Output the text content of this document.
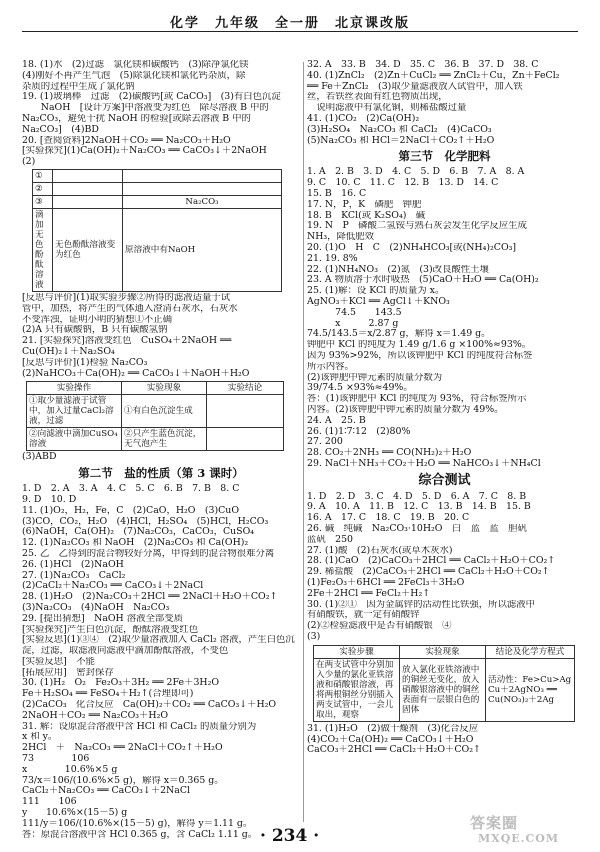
化学　九年级　全一册　北京课改版
18. (1)水　(2)过滤　氯化镁和碳酸钙　(3)除净氯化镁
(4)刚好不再产生气泡　(5)除氯化镁和氯化钙杂质，除
杂质的过程中生成了氯化钠
19. (1)玻璃棒　过滤　(2)碳酸钙[或 CaCO₃]　(3)有白色沉淀
　　NaOH　[设计方案]中溶液变为红色　除尽溶液 B 中的
Na₂CO₃，避免干扰 NaOH 的检验[或除去溶液 B 中的
Na₂CO₃]　(4)BD
20. [查阅资料]2NaOH＋CO₂ ══ Na₂CO₃＋H₂O
[实验探究](1)Ca(OH)₂＋Na₂CO₃ ══ CaCO₃↓＋2NaOH
(2)
①		
②		
③		Na₂CO₃
滴加无色酚酞溶液	无色酚酞溶液变为红色	原溶液中有NaOH
[反思与评价](1)取实验步骤②所得的滤液适量于试
管中，加热，将产生的气体通入澄清石灰水，石灰水
不变浑浊，证明小明的猜想①不正确
(2)A 只有碳酸钠，B 只有碳酸氢钠
21. [实验探究]溶液变红色　CuSO₄＋2NaOH ══
Cu(OH)₂↓＋Na₂SO₄
[反思与评价](1)检验 Na₂CO₃
(2)NaHCO₃＋Ca(OH)₂ ══ CaCO₃↓＋NaOH＋H₂O
实验操作	实验现象	实验结论
①取少量滤液于试管中，加入过量CaCl₂溶液，过滤	①有白色沉淀生成	
②向滤液中滴加CuSO₄溶液	②只产生蓝色沉淀，无气泡产生	
(3)ABD
第二节　盐的性质（第 3 课时）
1. D　2. A　3. A　4. C　5. C　6. B　7. B　8. C
9. D　10. D
11. (1)O₂，H₂，Fe，C　(2)CaO，H₂O　(3)CuO
(3)CO，CO₂，H₂O　(4)HCl，H₂SO₄　(5)HCl，H₂CO₃
(6)NaOH，Ca(OH)₂　(7)Na₂CO₃，CaCO₃，CuSO₄
12. (1)Na₂CO₃ 和 NaOH　(2)Na₂CO₃ 和 Ca(OH)₂
25. 乙　乙得到的混合物较好分离，甲得到的混合物很难分离
26. (1)HCl　(2)NaOH
27. (1)Na₂CO₃　CaCl₂
(2)CaCl₂＋Na₂CO₃ ══ CaCO₃↓＋2NaCl
28. (1)H₂O　(2)Na₂CO₃＋2HCl ══ 2NaCl＋H₂O＋CO₂↑
(3)Na₂CO₃　(4)NaOH　Na₂CO₃
29. [提出猜想]　NaOH 溶液全部变质
[实验探究]产生白色沉淀，酚酞溶液变红色
[实验反思](1)③④　(2)取少量溶液加入 CaCl₂ 溶液，产生白色沉
淀，过滤，取滤液向滤液中滴加酚酞溶液，不变色
[实验反思]　不能
[拓展应用]　密封保存
30. (1)H₂　O₂　Fe₂O₃＋3H₂ ══ 2Fe＋3H₂O
Fe＋H₂SO₄ ══ FeSO₄＋H₂↑(合理即可)
(2)CaCO₃　化合反应　Ca(OH)₂＋CO₂ ══ CaCO₃↓＋H₂O
2NaOH＋CO₂ ══ Na₂CO₃＋H₂O
31. 解：设原混合溶液中含 HCl 和 CaCl₂ 的质量分别为
x 和 y。
2HCl　＋　Na₂CO₃ ══ 2NaCl＋CO₂↑＋H₂O
73　　　　106
x　　　　10.6%×5 g
73/x＝106/(10.6%×5 g)，解得 x＝0.365 g。
CaCl₂＋Na₂CO₃ ══ CaCO₃↓＋2NaCl
111　　106
y　　10.6%×(15－5) g
111/y＝106/(10.6%×(15－5) g)，解得 y＝1.11 g。
答：原混合溶液中含 HCl 0.365 g，含 CaCl₂ 1.11 g。
32. A　33. B　34. D　35. C　36. B　37. D　38. C
40. (1)ZnCl₂　(2)Zn＋CuCl₂ ══ ZnCl₂＋Cu，Zn＋FeCl₂
══ Fe＋ZnCl₂　(3)取少量滤液放入试管中，加入铁
丝，若铁丝表面有红色物质出现，
　说明滤液中有氯化铜，则稀盐酸过量
41. (1)CO₂　(2)Ca(OH)₂
(3)H₂SO₄　Na₂CO₃ 和 CaCl₂　(4)CaCO₃
(5)Na₂CO₃ 和 HCl＝2NaCl＋CO₂↑＋H₂O
第三节　化学肥料
1. A　2. B　3. D　4. C　5. D　6. B　7. A　8. A
9. C　10. C　11. C　12. B　13. D　14. C
15. B　16. C
17. N，P，K　磷肥　钾肥
18. B　KCl(或 K₂SO₄)　碱
19. N　P　磷酸二氢铵与熟石灰会发生化学反应生成
NH₃，降低肥效
20. (1)O　H　C　(2)NH₄HCO₃[或(NH₄)₂CO₃]
21. 19. 8%
22. (1)NH₄NO₃　(2)氮　(3)改良酸性土壤
23. A 物质溶于水时吸热　(5)CaO＋H₂O ══ Ca(OH)₂
25. (1)解：设 KCl 的质量为 x。
AgNO₃＋KCl ══ AgCl↓＋KNO₃
　　　74.5　　143.5
　　　x　　　2.87 g
74.5/143.5＝x/2.87 g，解得 x＝1.49 g。
钾肥中 KCl 的纯度为 1.49 g/1.6 g ×100%≈93%。
因为 93%>92%，所以该钾肥中 KCl 的纯度符合标签
所示内容。
(2)该钾肥中钾元素的质量分数为
39/74.5 ×93%≈49%。
答：(1)该钾肥中 KCl 的纯度为 93%，符合标签所示
内容。(2)该钾肥中钾元素的质量分数为 49%。
24. A　25. B
26. (1)1∶7∶12　(2)80%
27. 200
28. CO₂＋2NH₃ ══ CO(NH₂)₂＋H₂O
29. NaCl＋NH₃＋CO₂＋H₂O ══ NaHCO₃↓＋NH₄Cl
综合测试
1. D　2. D　3. C　4. D　5. D　6. A　7. C　8. B
9. A　10. A　11. B　12. C　13. B　14. B　15. B
16. A　17. C　18. C　19. B　20. C
26. 碱　纯碱　Na₂CO₃·10H₂O　白　蓝　蓝　胆矾
蓝矾　250
27. (1)酸　(2)石灰水(或草木灰水)
28. (1)CaO　(2)CaCO₃＋2HCl ══ CaCl₂＋H₂O＋CO₂↑
29. 稀盐酸　(2)CaCO₃＋2HCl ══ CaCl₂＋H₂O＋CO₂↑
(1)Fe₂O₃＋6HCl ══ 2FeCl₃＋3H₂O
2Fe＋2HCl ══ FeCl₂＋H₂↑
30. (1)②①　因为金属锌的活动性比铁强，所以滤液中
有硝酸铁，就一定有硝酸锌
(2)②检验滤液中是否有硝酸银　④
(3)
实验步骤	实验现象	结论及化学方程式
在两支试管中分别加入少量的氯化亚铁溶液和硝酸银溶液，再将两根铜丝分别插入两支试管中，一会儿取出，观察	放入氯化亚铁溶液中的铜丝无变化，放入硝酸银溶液中的铜丝表面有一层银白色的固体	活动性：Fe>Cu>Ag　Cu＋2AgNO₃ ══ Cu(NO₃)₂＋2Ag
31. (1)H₂O　(2)做干燥剂　(3)化合反应
(4)CO₂＋Ca(OH)₂ ══ CaCO₃↓＋H₂O
CaCO₃＋2HCl ══ CaCl₂＋H₂O＋CO₂↑
· 234 ·
答案圈
MXQE.COM
